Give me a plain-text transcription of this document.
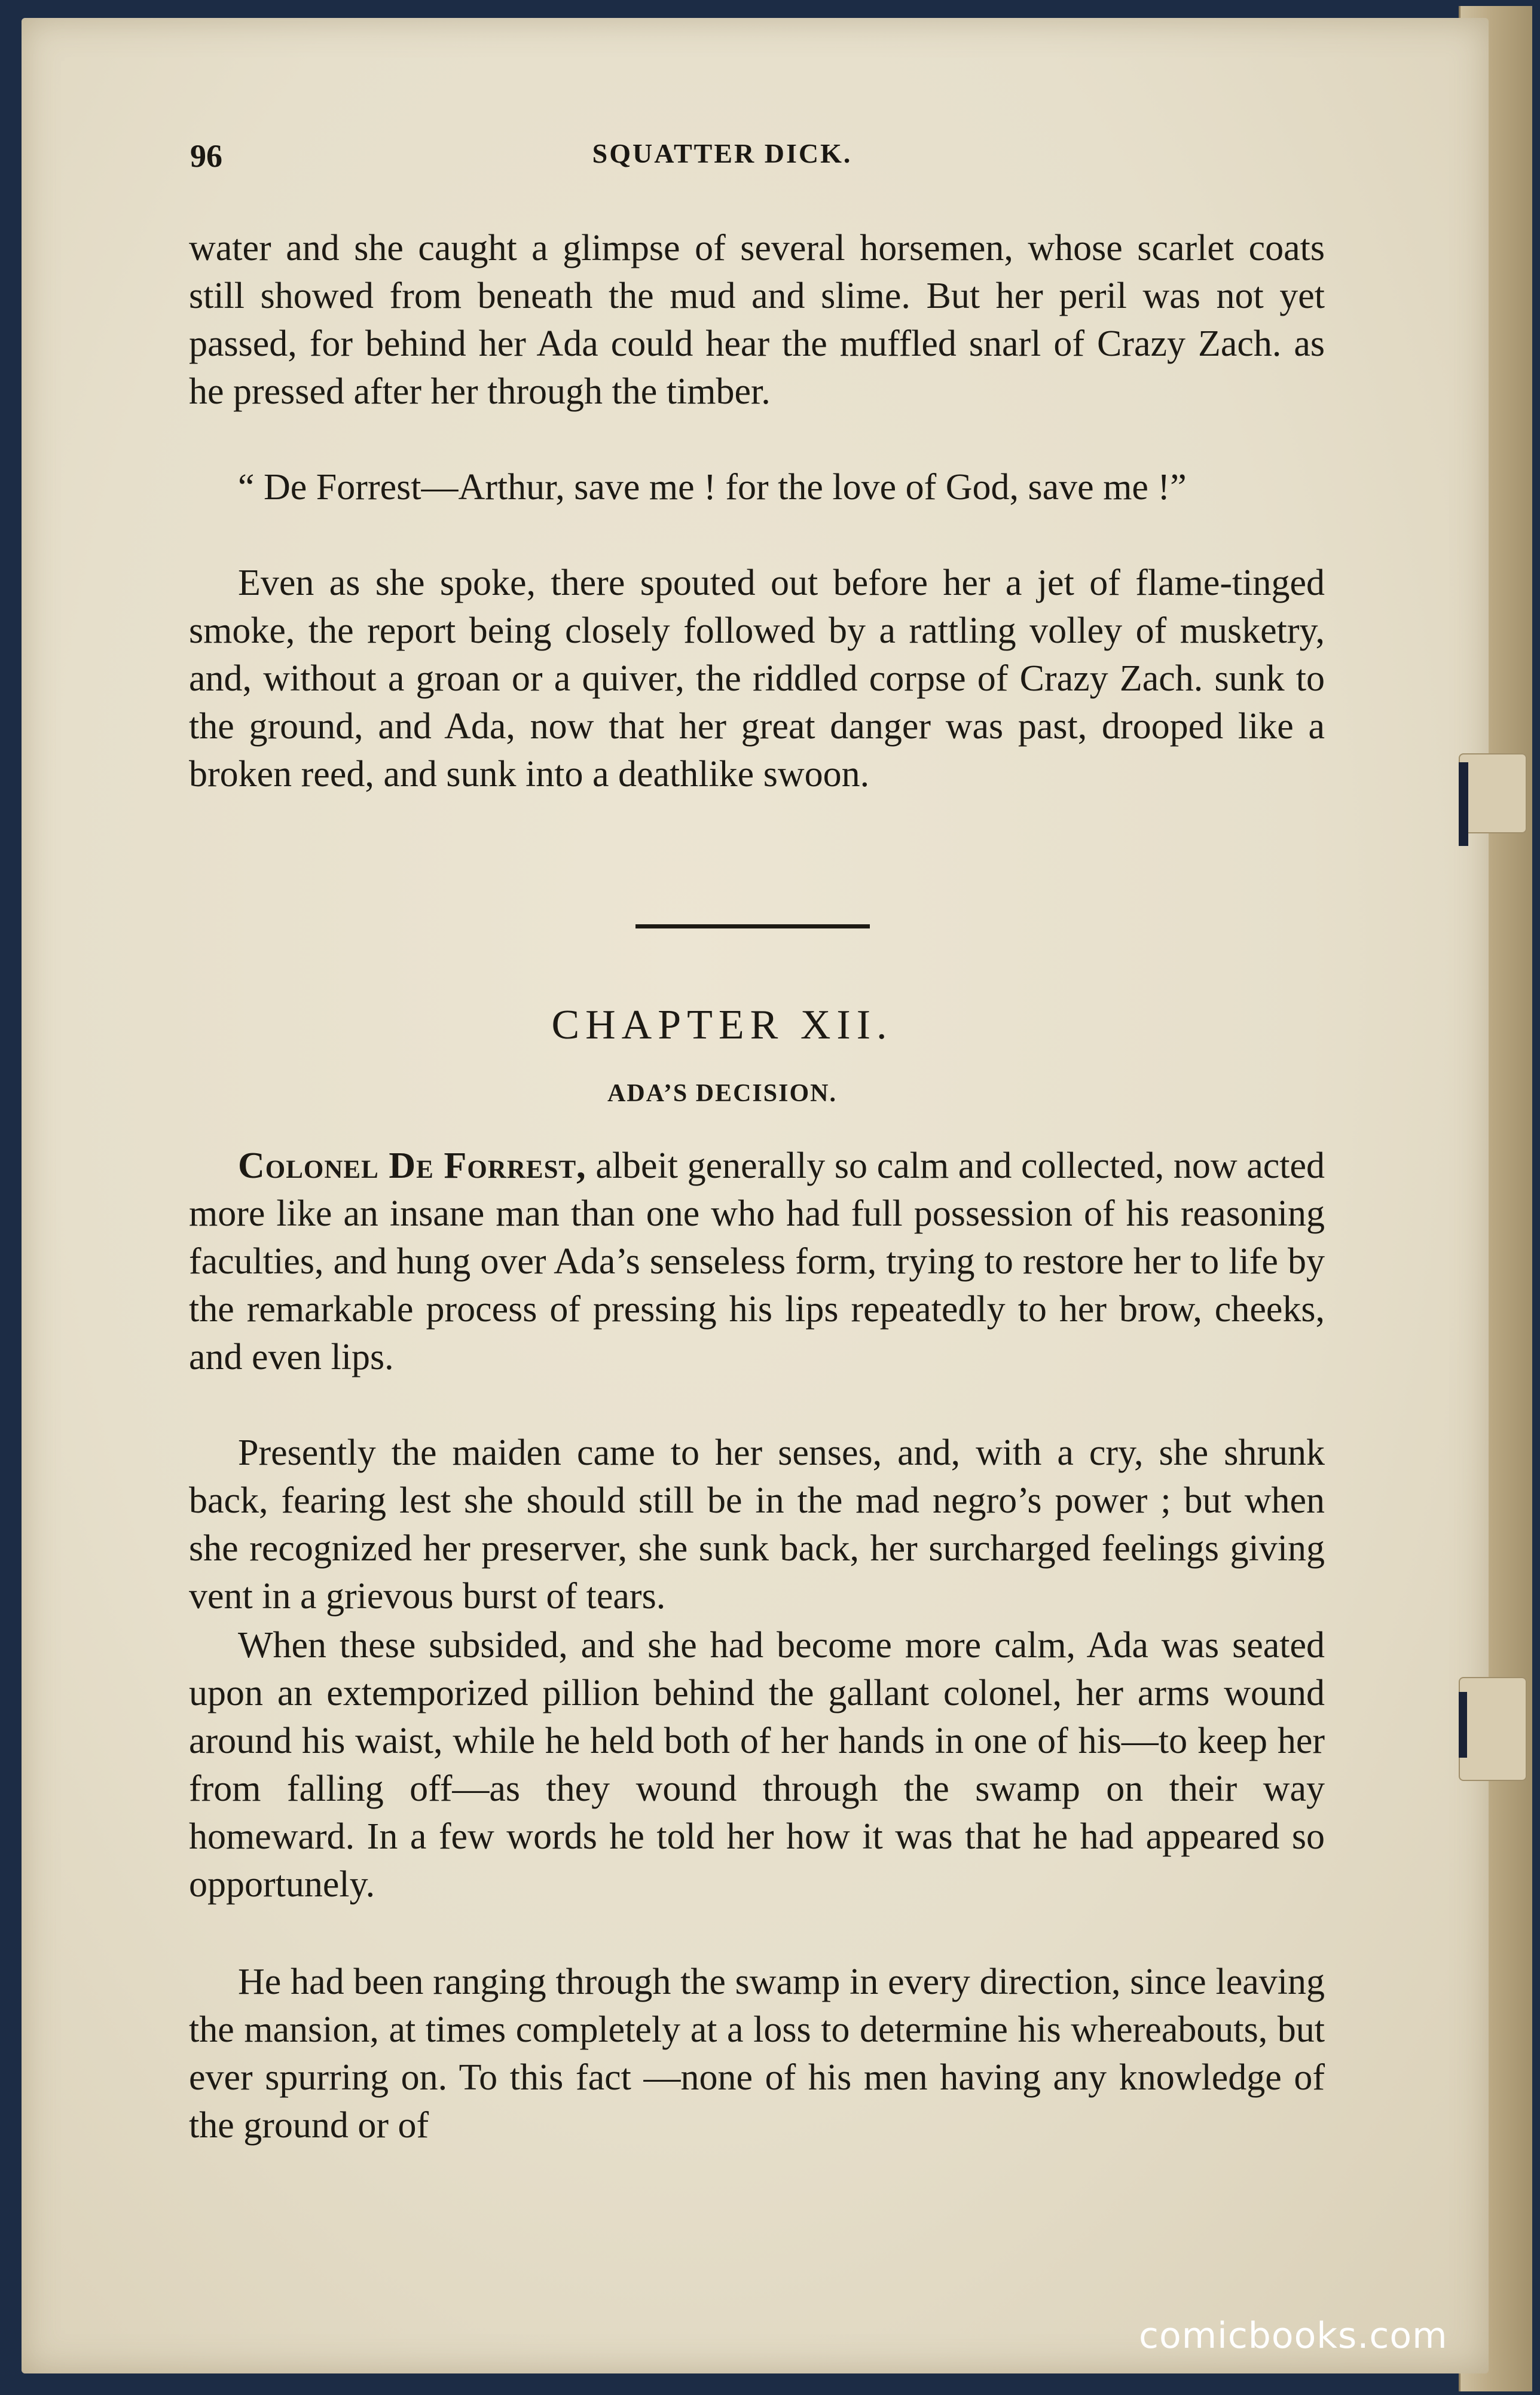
96	SQUATTER DICK.

water and she caught a glimpse of several horsemen, whose scarlet coats still showed from beneath the mud and slime. But her peril was not yet passed, for behind her Ada could hear the muffled snarl of Crazy Zach. as he pressed after her through the timber.

“ De Forrest—Arthur, save me ! for the love of God, save me !”

Even as she spoke, there spouted out before her a jet of flame-tinged smoke, the report being closely followed by a rattling volley of musketry, and, without a groan or a quiver, the riddled corpse of Crazy Zach. sunk to the ground, and Ada, now that her great danger was past, drooped like a broken reed, and sunk into a deathlike swoon.

CHAPTER XII.
ADA’S DECISION.

Colonel De Forrest, albeit generally so calm and collected, now acted more like an insane man than one who had full possession of his reasoning faculties, and hung over Ada’s senseless form, trying to restore her to life by the remarkable process of pressing his lips repeatedly to her brow, cheeks, and even lips.

Presently the maiden came to her senses, and, with a cry, she shrunk back, fearing lest she should still be in the mad negro’s power ; but when she recognized her preserver, she sunk back, her surcharged feelings giving vent in a grievous burst of tears.

When these subsided, and she had become more calm, Ada was seated upon an extemporized pillion behind the gallant colonel, her arms wound around his waist, while he held both of her hands in one of his—to keep her from falling off—as they wound through the swamp on their way homeward. In a few words he told her how it was that he had appeared so opportunely.

He had been ranging through the swamp in every direction, since leaving the mansion, at times completely at a loss to determine his whereabouts, but ever spurring on. To this fact —none of his men having any knowledge of the ground or of

comicbooks.com
